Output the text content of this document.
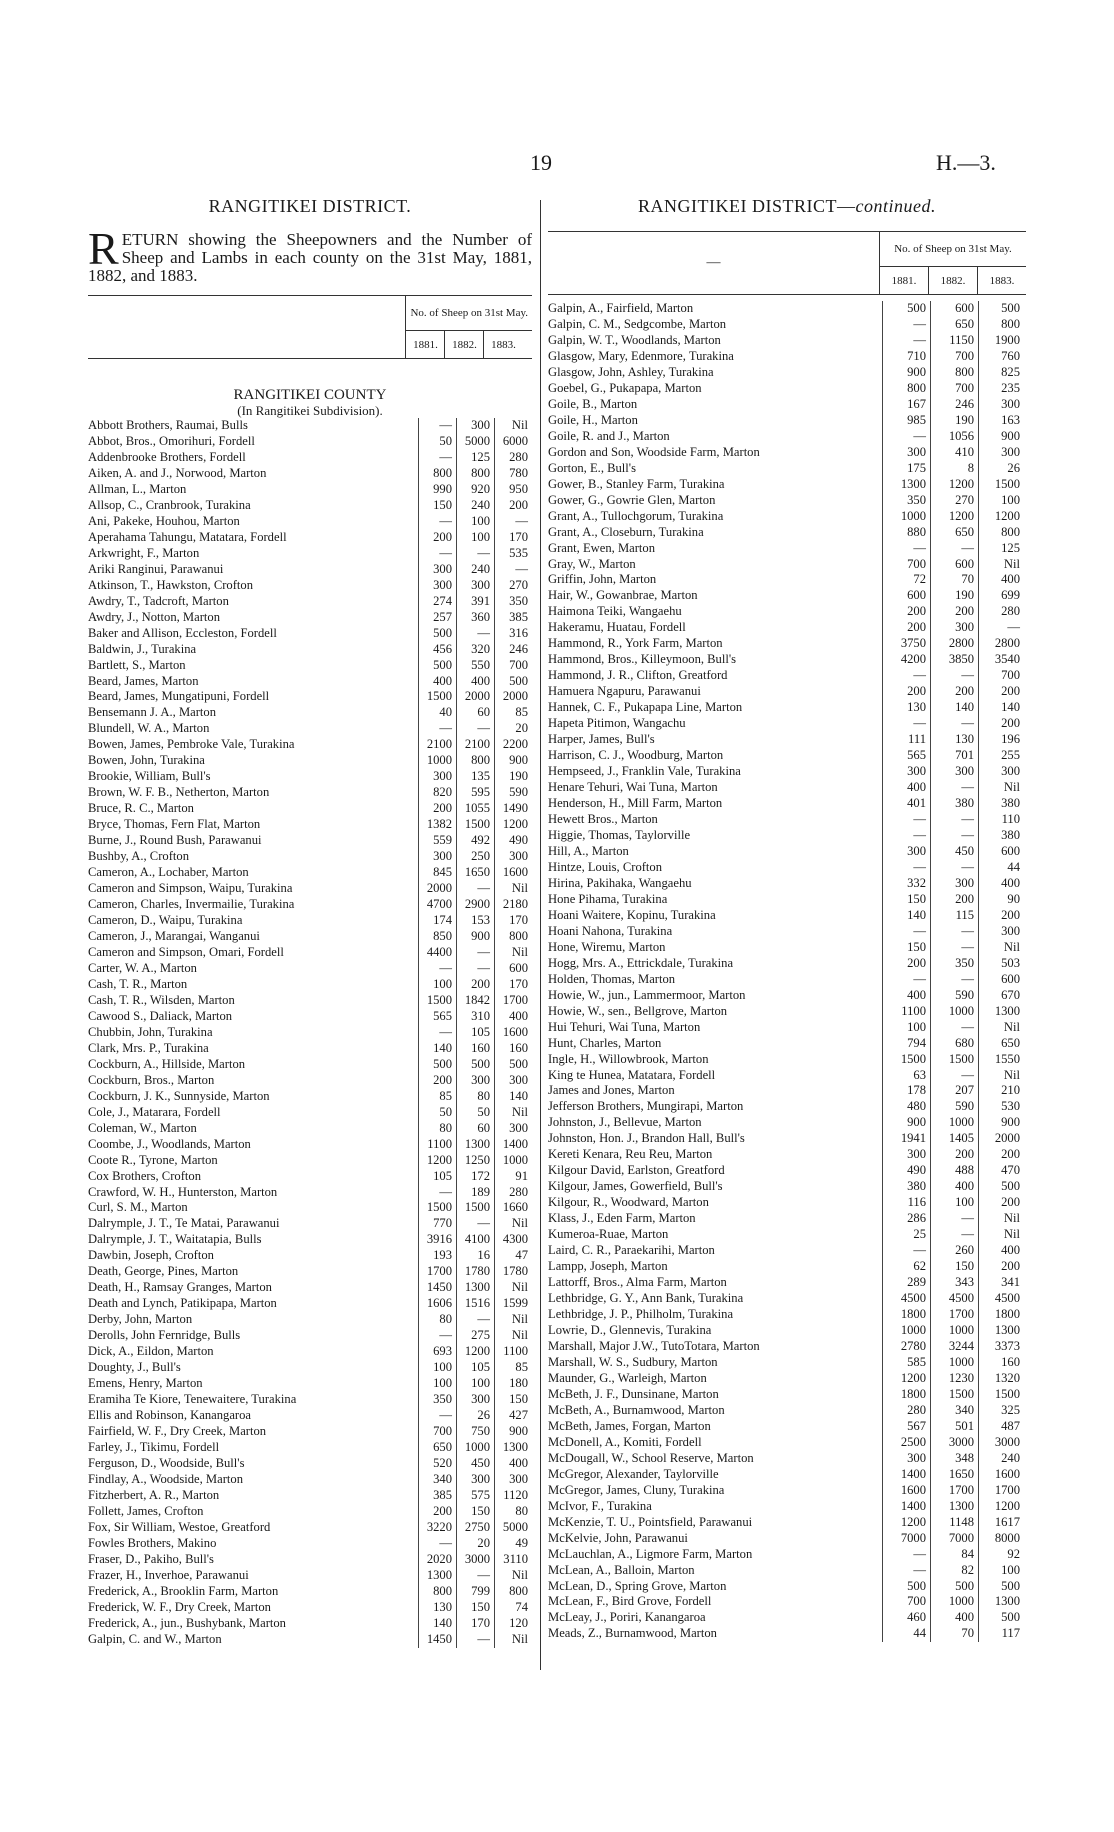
19	H.—3.
RANGITIKEI DISTRICT.
RETURN showing the Sheepowners and the Number of Sheep and Lambs in each county on the 31st May, 1881, 1882, and 1883.
No. of Sheep on 31st May.
1881.	1882.	1883.
RANGITIKEI COUNTY
(In Rangitikei Subdivision).
Abbott Brothers, Raumai, Bulls	—	300	Nil
Abbot, Bros., Omorihuri, Fordell	50	5000	6000
Addenbrooke Brothers, Fordell	—	125	280
Aiken, A. and J., Norwood, Marton	800	800	780
Allman, L., Marton	990	920	950
Allsop, C., Cranbrook, Turakina	150	240	200
Ani, Pakeke, Houhou, Marton	—	100	—
Aperahama Tahungu, Matatara, Fordell	200	100	170
Arkwright, F., Marton	—	—	535
Ariki Ranginui, Parawanui	300	240	—
Atkinson, T., Hawkston, Crofton	300	300	270
Awdry, T., Tadcroft, Marton	274	391	350
Awdry, J., Notton, Marton	257	360	385
Baker and Allison, Eccleston, Fordell	500	—	316
Baldwin, J., Turakina	456	320	246
Bartlett, S., Marton	500	550	700
Beard, James, Marton	400	400	500
Beard, James, Mungatipuni, Fordell	1500	2000	2000
Bensemann J. A., Marton	40	60	85
Blundell, W. A., Marton	—	—	20
Bowen, James, Pembroke Vale, Turakina	2100	2100	2200
Bowen, John, Turakina	1000	800	900
Brookie, William, Bull's	300	135	190
Brown, W. F. B., Netherton, Marton	820	595	590
Bruce, R. C., Marton	200	1055	1490
Bryce, Thomas, Fern Flat, Marton	1382	1500	1200
Burne, J., Round Bush, Parawanui	559	492	490
Bushby, A., Crofton	300	250	300
Cameron, A., Lochaber, Marton	845	1650	1600
Cameron and Simpson, Waipu, Turakina	2000	—	Nil
Cameron, Charles, Invermailie, Turakina	4700	2900	2180
Cameron, D., Waipu, Turakina	174	153	170
Cameron, J., Marangai, Wanganui	850	900	800
Cameron and Simpson, Omari, Fordell	4400	—	Nil
Carter, W. A., Marton	—	—	600
Cash, T. R., Marton	100	200	170
Cash, T. R., Wilsden, Marton	1500	1842	1700
Cawood S., Daliack, Marton	565	310	400
Chubbin, John, Turakina	—	105	1600
Clark, Mrs. P., Turakina	140	160	160
Cockburn, A., Hillside, Marton	500	500	500
Cockburn, Bros., Marton	200	300	300
Cockburn, J. K., Sunnyside, Marton	85	80	140
Cole, J., Matarara, Fordell	50	50	Nil
Coleman, W., Marton	80	60	300
Coombe, J., Woodlands, Marton	1100	1300	1400
Coote R., Tyrone, Marton	1200	1250	1000
Cox Brothers, Crofton	105	172	91
Crawford, W. H., Hunterston, Marton	—	189	280
Curl, S. M., Marton	1500	1500	1660
Dalrymple, J. T., Te Matai, Parawanui	770	—	Nil
Dalrymple, J. T., Waitatapia, Bulls	3916	4100	4300
Dawbin, Joseph, Crofton	193	16	47
Death, George, Pines, Marton	1700	1780	1780
Death, H., Ramsay Granges, Marton	1450	1300	Nil
Death and Lynch, Patikipapa, Marton	1606	1516	1599
Derby, John, Marton	80	—	Nil
Derolls, John Fernridge, Bulls	—	275	Nil
Dick, A., Eildon, Marton	693	1200	1100
Doughty, J., Bull's	100	105	85
Emens, Henry, Marton	100	100	180
Eramiha Te Kiore, Tenewaitere, Turakina	350	300	150
Ellis and Robinson, Kanangaroa	—	26	427
Fairfield, W. F., Dry Creek, Marton	700	750	900
Farley, J., Tikimu, Fordell	650	1000	1300
Ferguson, D., Woodside, Bull's	520	450	400
Findlay, A., Woodside, Marton	340	300	300
Fitzherbert, A. R., Marton	385	575	1120
Follett, James, Crofton	200	150	80
Fox, Sir William, Westoe, Greatford	3220	2750	5000
Fowles Brothers, Makino	—	20	49
Fraser, D., Pakiho, Bull's	2020	3000	3110
Frazer, H., Inverhoe, Parawanui	1300	—	Nil
Frederick, A., Brooklin Farm, Marton	800	799	800
Frederick, W. F., Dry Creek, Marton	130	150	74
Frederick, A., jun., Bushybank, Marton	140	170	120
Galpin, C. and W., Marton	1450	—	Nil
RANGITIKEI DISTRICT—continued.
—
No. of Sheep on 31st May.
1881.	1882.	1883.
Galpin, A., Fairfield, Marton	500	600	500
Galpin, C. M., Sedgcombe, Marton	—	650	800
Galpin, W. T., Woodlands, Marton	—	1150	1900
Glasgow, Mary, Edenmore, Turakina	710	700	760
Glasgow, John, Ashley, Turakina	900	800	825
Goebel, G., Pukapapa, Marton	800	700	235
Goile, B., Marton	167	246	300
Goile, H., Marton	985	190	163
Goile, R. and J., Marton	—	1056	900
Gordon and Son, Woodside Farm, Marton	300	410	300
Gorton, E., Bull's	175	8	26
Gower, B., Stanley Farm, Turakina	1300	1200	1500
Gower, G., Gowrie Glen, Marton	350	270	100
Grant, A., Tullochgorum, Turakina	1000	1200	1200
Grant, A., Closeburn, Turakina	880	650	800
Grant, Ewen, Marton	—	—	125
Gray, W., Marton	700	600	Nil
Griffin, John, Marton	72	70	400
Hair, W., Gowanbrae, Marton	600	190	699
Haimona Teiki, Wangaehu	200	200	280
Hakeramu, Huatau, Fordell	200	300	—
Hammond, R., York Farm, Marton	3750	2800	2800
Hammond, Bros., Killeymoon, Bull's	4200	3850	3540
Hammond, J. R., Clifton, Greatford	—	—	700
Hamuera Ngapuru, Parawanui	200	200	200
Hannek, C. F., Pukapapa Line, Marton	130	140	140
Hapeta Pitimon, Wangachu	—	—	200
Harper, James, Bull's	111	130	196
Harrison, C. J., Woodburg, Marton	565	701	255
Hempseed, J., Franklin Vale, Turakina	300	300	300
Henare Tehuri, Wai Tuna, Marton	400	—	Nil
Henderson, H., Mill Farm, Marton	401	380	380
Hewett Bros., Marton	—	—	110
Higgie, Thomas, Taylorville	—	—	380
Hill, A., Marton	300	450	600
Hintze, Louis, Crofton	—	—	44
Hirina, Pakihaka, Wangaehu	332	300	400
Hone Pihama, Turakina	150	200	90
Hoani Waitere, Kopinu, Turakina	140	115	200
Hoani Nahona, Turakina	—	—	300
Hone, Wiremu, Marton	150	—	Nil
Hogg, Mrs. A., Ettrickdale, Turakina	200	350	503
Holden, Thomas, Marton	—	—	600
Howie, W., jun., Lammermoor, Marton	400	590	670
Howie, W., sen., Bellgrove, Marton	1100	1000	1300
Hui Tehuri, Wai Tuna, Marton	100	—	Nil
Hunt, Charles, Marton	794	680	650
Ingle, H., Willowbrook, Marton	1500	1500	1550
King te Hunea, Matatara, Fordell	63	—	Nil
James and Jones, Marton	178	207	210
Jefferson Brothers, Mungirapi, Marton	480	590	530
Johnston, J., Bellevue, Marton	900	1000	900
Johnston, Hon. J., Brandon Hall, Bull's	1941	1405	2000
Kereti Kenara, Reu Reu, Marton	300	200	200
Kilgour David, Earlston, Greatford	490	488	470
Kilgour, James, Gowerfield, Bull's	380	400	500
Kilgour, R., Woodward, Marton	116	100	200
Klass, J., Eden Farm, Marton	286	—	Nil
Kumeroa-Ruae, Marton	25	—	Nil
Laird, C. R., Paraekarihi, Marton	—	260	400
Lampp, Joseph, Marton	62	150	200
Lattorff, Bros., Alma Farm, Marton	289	343	341
Lethbridge, G. Y., Ann Bank, Turakina	4500	4500	4500
Lethbridge, J. P., Philholm, Turakina	1800	1700	1800
Lowrie, D., Glennevis, Turakina	1000	1000	1300
Marshall, Major J.W., TutoTotara, Marton	2780	3244	3373
Marshall, W. S., Sudbury, Marton	585	1000	160
Maunder, G., Warleigh, Marton	1200	1230	1320
McBeth, J. F., Dunsinane, Marton	1800	1500	1500
McBeth, A., Burnamwood, Marton	280	340	325
McBeth, James, Forgan, Marton	567	501	487
McDonell, A., Komiti, Fordell	2500	3000	3000
McDougall, W., School Reserve, Marton	300	348	240
McGregor, Alexander, Taylorville	1400	1650	1600
McGregor, James, Cluny, Turakina	1600	1700	1700
McIvor, F., Turakina	1400	1300	1200
McKenzie, T. U., Pointsfield, Parawanui	1200	1148	1617
McKelvie, John, Parawanui	7000	7000	8000
McLauchlan, A., Ligmore Farm, Marton	—	84	92
McLean, A., Balloin, Marton	—	82	100
McLean, D., Spring Grove, Marton	500	500	500
McLean, F., Bird Grove, Fordell	700	1000	1300
McLeay, J., Poriri, Kanangaroa	460	400	500
Meads, Z., Burnamwood, Marton	44	70	117
